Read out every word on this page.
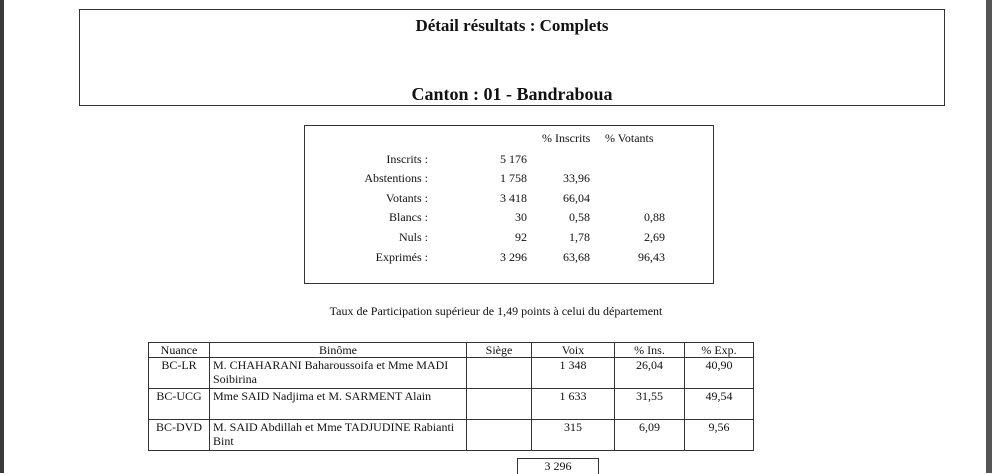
Détail résultats : Complets
Canton : 01 - Bandraboua
% Inscrits % Votants
Inscrits :	5 176
Abstentions :	1 758	33,96
Votants :	3 418	66,04
Blancs :	30	0,58	0,88
Nuls :	92	1,78	2,69
Exprimés :	3 296	63,68	96,43
Taux de Participation supérieur de 1,49 points à celui du département
Nuance	Binôme	Siège	Voix	% Ins.	% Exp.
BC-LR	M. CHAHARANI Baharoussoifa et Mme MADI Soibirina		1 348	26,04	40,90
BC-UCG	Mme SAID Nadjima et M. SARMENT Alain		1 633	31,55	49,54
BC-DVD	M. SAID Abdillah et Mme TADJUDINE Rabianti Bint		315	6,09	9,56
3 296
